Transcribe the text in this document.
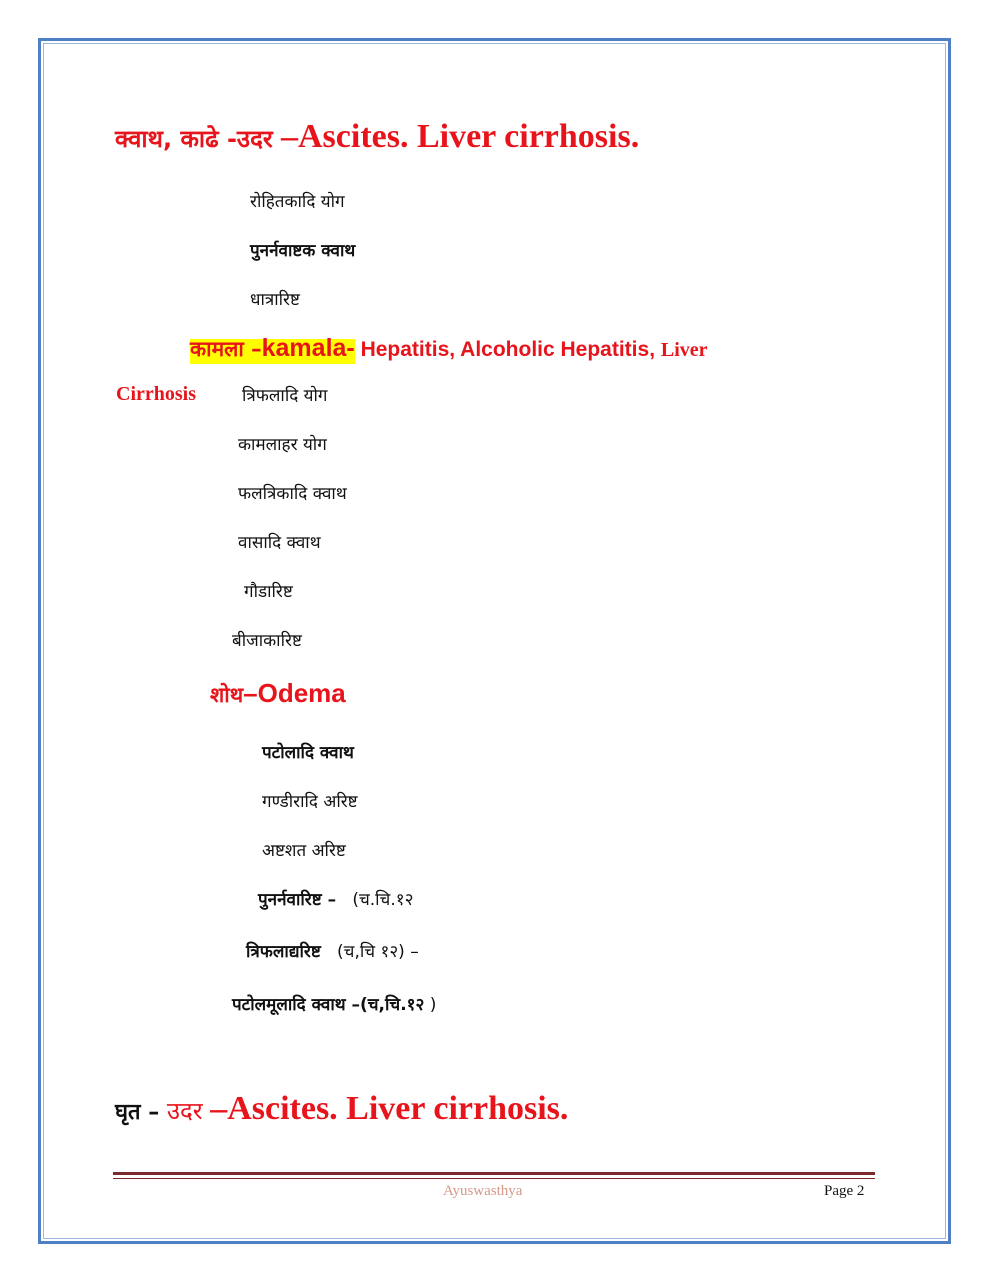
क्वाथ, काढे -उदर –Ascites. Liver cirrhosis.
रोहितकादि योग
पुनर्नवाष्टक क्वाथ
धात्रारिष्ट
कामला –kamala- Hepatitis, Alcoholic Hepatitis, Liver
Cirrhosis	त्रिफलादि योग
कामलाहर योग
फलत्रिकादि क्वाथ
वासादि क्वाथ
गौडारिष्ट
बीजाकारिष्ट
शोथ–Odema
पटोलादि क्वाथ
गण्डीरादि अरिष्ट
अष्टशत अरिष्ट
पुनर्नवारिष्ट – (च.चि.१२
त्रिफलाद्यरिष्ट (च,चि १२) –
पटोलमूलादि क्वाथ –(च,चि.१२ )
घृत – उदर –Ascites. Liver cirrhosis.
Ayuswasthya	Page 2
